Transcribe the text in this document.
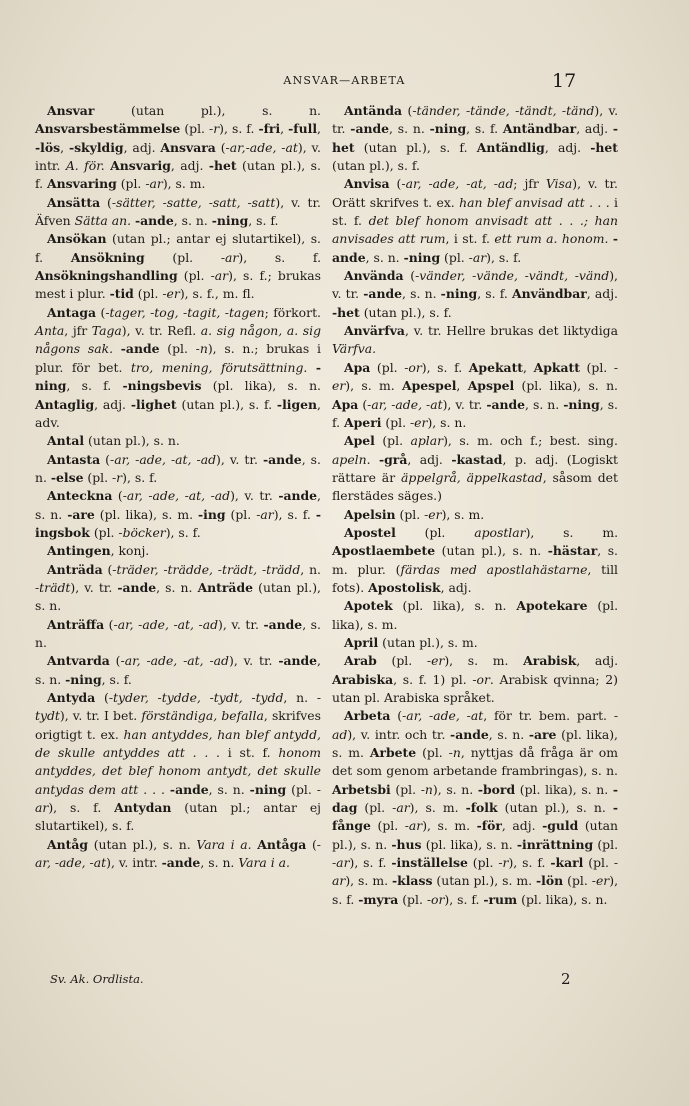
ANSVAR—ARBETA	17

Ansvar (utan pl.), s. n. Ansvarsbestämmelse (pl. -r), s. f. -fri, -full, -lös, -skyldig, adj. Ansvara (-ar,-ade, -at), v. intr. A. för. Ansvarig, adj. -het (utan pl.), s. f. Ansvaring (pl. -ar), s. m.

Ansätta (-sätter, -satte, -satt, -satt), v. tr. Äfven Sätta an. -ande, s. n. -ning, s. f.

Ansökan (utan pl.; antar ej slutartikel), s. f. Ansökning (pl. -ar), s. f. Ansökningshandling (pl. -ar), s. f.; brukas mest i plur. -tid (pl. -er), s. f., m. fl.

Antaga (-tager, -tog, -tagit, -tagen; förkort. Anta, jfr Taga), v. tr. Refl. a. sig någon, a. sig någons sak. -ande (pl. -n), s. n.; brukas i plur. för bet. tro, mening, förutsättning. -ning, s. f. -ningsbevis (pl. lika), s. n. Antaglig, adj. -lighet (utan pl.), s. f. -ligen, adv.

Antal (utan pl.), s. n.

Antasta (-ar, -ade, -at, -ad), v. tr. -ande, s. n. -else (pl. -r), s. f.

Anteckna (-ar, -ade, -at, -ad), v. tr. -ande, s. n. -are (pl. lika), s. m. -ing (pl. -ar), s. f. -ingsbok (pl. -böcker), s. f.

Antingen, konj.

Anträda (-träder, -trädde, -trädt, -trädd, n. -trädt), v. tr. -ande, s. n. Anträde (utan pl.), s. n.

Anträffa (-ar, -ade, -at, -ad), v. tr. -ande, s. n.

Antvarda (-ar, -ade, -at, -ad), v. tr. -ande, s. n. -ning, s. f.

Antyda (-tyder, -tydde, -tydt, -tydd, n. -tydt), v. tr. I bet. förständiga, befalla, skrifves origtigt t. ex. han antyddes, han blef antydd, de skulle antyddes att . . . i st. f. honom antyddes, det blef honom antydt, det skulle antydas dem att . . . -ande, s. n. -ning (pl. -ar), s. f. Antydan (utan pl.; antar ej slutartikel), s. f.

Antåg (utan pl.), s. n. Vara i a. Antåga (-ar, -ade, -at), v. intr. -ande, s. n. Vara i a.

Antända (-tänder, -tände, -tändt, -tänd), v. tr. -ande, s. n. -ning, s. f. Antändbar, adj. -het (utan pl.), s. f. Antändlig, adj. -het (utan pl.), s. f.

Anvisa (-ar, -ade, -at, -ad; jfr Visa), v. tr. Orätt skrifves t. ex. han blef anvisad att . . . i st. f. det blef honom anvisadt att . . .; han anvisades att rum, i st. f. ett rum a. honom. -ande, s. n. -ning (pl. -ar), s. f.

Använda (-vänder, -vände, -vändt, -vänd), v. tr. -ande, s. n. -ning, s. f. Användbar, adj. -het (utan pl.), s. f.

Anvärfva, v. tr. Hellre brukas det liktydiga Värfva.

Apa (pl. -or), s. f. Apekatt, Apkatt (pl. -er), s. m. Apespel, Apspel (pl. lika), s. n. Apa (-ar, -ade, -at), v. tr. -ande, s. n. -ning, s. f. Aperi (pl. -er), s. n.

Apel (pl. aplar), s. m. och f.; best. sing. apeln. -grå, adj. -kastad, p. adj. (Logiskt rättare är äppelgrå, äppelkastad, såsom det flerstädes säges.)

Apelsin (pl. -er), s. m.

Apostel (pl. apostlar), s. m. Apostlaembete (utan pl.), s. n. -hästar, s. m. plur. (färdas med apostlahästarne, till fots). Apostolisk, adj.

Apotek (pl. lika), s. n. Apotekare (pl. lika), s. m.

April (utan pl.), s. m.

Arab (pl. -er), s. m. Arabisk, adj. Arabiska, s. f. 1) pl. -or. Arabisk qvinna; 2) utan pl. Arabiska språket.

Arbeta (-ar, -ade, -at, för tr. bem. part. -ad), v. intr. och tr. -ande, s. n. -are (pl. lika), s. m. Arbete (pl. -n, nyttjas då fråga är om det som genom arbetande frambringas), s. n. Arbetsbi (pl. -n), s. n. -bord (pl. lika), s. n. -dag (pl. -ar), s. m. -folk (utan pl.), s. n. -fånge (pl. -ar), s. m. -för, adj. -guld (utan pl.), s. n. -hus (pl. lika), s. n. -inrättning (pl. -ar), s. f. -inställelse (pl. -r), s. f. -karl (pl. -ar), s. m. -klass (utan pl.), s. m. -lön (pl. -er), s. f. -myra (pl. -or), s. f. -rum (pl. lika), s. n.

Sv. Ak. Ordlista.	2
